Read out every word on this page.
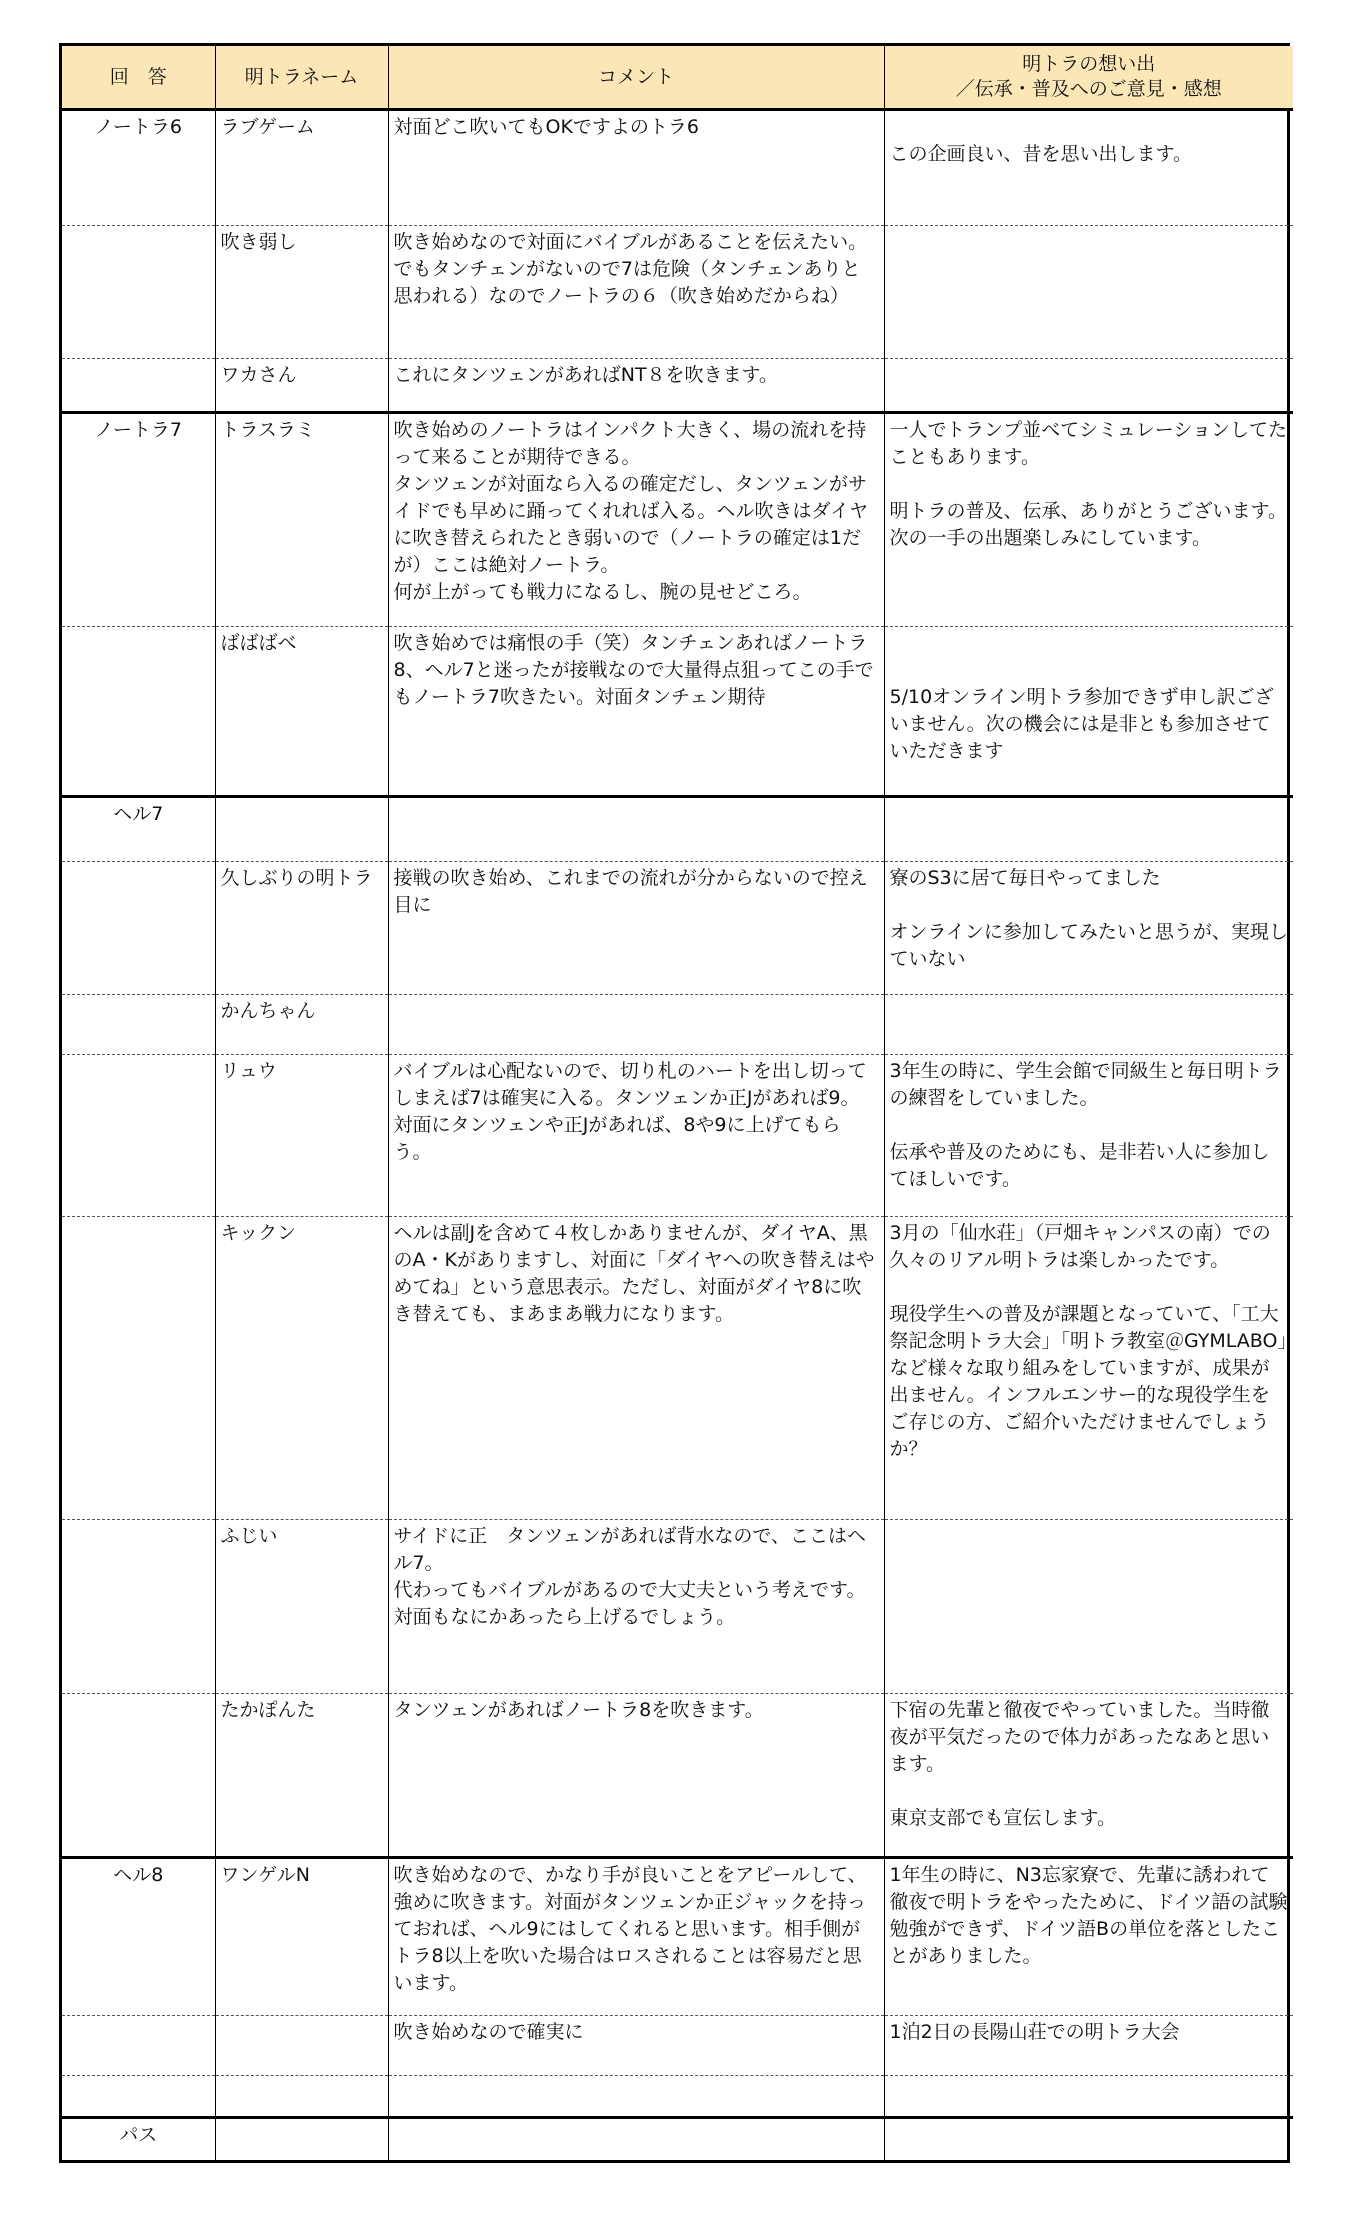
回　答	明トラネーム	コメント	明トラの想い出
／伝承・普及へのご意見・感想

ノートラ6	ラブゲーム	対面どこ吹いてもOKですよのトラ6	この企画良い、昔を思い出します。

	吹き弱し	吹き始めなので対面にバイブルがあることを伝えたい。でもタンチェンがないので7は危険（タンチェンありと思われる）なのでノートラの６（吹き始めだからね）	

	ワカさん	これにタンツェンがあればNT８を吹きます。	

ノートラ7	トラスラミ	吹き始めのノートラはインパクト大きく、場の流れを持って来ることが期待できる。
タンツェンが対面なら入るの確定だし、タンツェンがサイドでも早めに踊ってくれれば入る。ヘル吹きはダイヤに吹き替えられたとき弱いので（ノートラの確定は1だが）ここは絶対ノートラ。
何が上がっても戦力になるし、腕の見せどころ。	一人でトランプ並べてシミュレーションしてたこともあります。
明トラの普及、伝承、ありがとうございます。次の一手の出題楽しみにしています。

	ばばばべ	吹き始めでは痛恨の手（笑）タンチェンあればノートラ8、ヘル7と迷ったが接戦なので大量得点狙ってこの手でもノートラ7吹きたい。対面タンチェン期待	5/10オンライン明トラ参加できず申し訳ございません。次の機会には是非とも参加させていただきます

ヘル7			
	久しぶりの明トラ	接戦の吹き始め、これまでの流れが分からないので控え目に	寮のS3に居て毎日やってました
オンラインに参加してみたいと思うが、実現していない

	かんちゃん		
	リュウ	バイブルは心配ないので、切り札のハートを出し切ってしまえば7は確実に入る。タンツェンか正Jがあれば9。対面にタンツェンや正Jがあれば、8や9に上げてもらう。	3年生の時に、学生会館で同級生と毎日明トラの練習をしていました。
伝承や普及のためにも、是非若い人に参加してほしいです。

	キックン	ヘルは副Jを含めて４枚しかありませんが、ダイヤA、黒のA・Kがありますし、対面に「ダイヤへの吹き替えはやめてね」という意思表示。ただし、対面がダイヤ8に吹き替えても、まあまあ戦力になります。	3月の「仙水荘」（戸畑キャンパスの南）での久々のリアル明トラは楽しかったです。
現役学生への普及が課題となっていて、「工大祭記念明トラ大会」「明トラ教室＠GYMLABO」など様々な取り組みをしていますが、成果が出ません。インフルエンサー的な現役学生をご存じの方、ご紹介いただけませんでしょうか？

	ふじい	サイドに正　タンツェンがあれば背水なので、ここはヘル7。
代わってもバイブルがあるので大丈夫という考えです。
対面もなにかあったら上げるでしょう。	

	たかぽんた	タンツェンがあればノートラ8を吹きます。	下宿の先輩と徹夜でやっていました。当時徹夜が平気だったので体力があったなあと思います。
東京支部でも宣伝します。

ヘル8	ワンゲルN	吹き始めなので、かなり手が良いことをアピールして、強めに吹きます。対面がタンツェンか正ジャックを持っておれば、ヘル9にはしてくれると思います。相手側がトラ8以上を吹いた場合はロスされることは容易だと思います。	1年生の時に、N3忘家寮で、先輩に誘われて徹夜で明トラをやったために、ドイツ語の試験勉強ができず、ドイツ語Bの単位を落としたことがありました。

		吹き始めなので確実に	1泊2日の長陽山荘での明トラ大会

パス			
